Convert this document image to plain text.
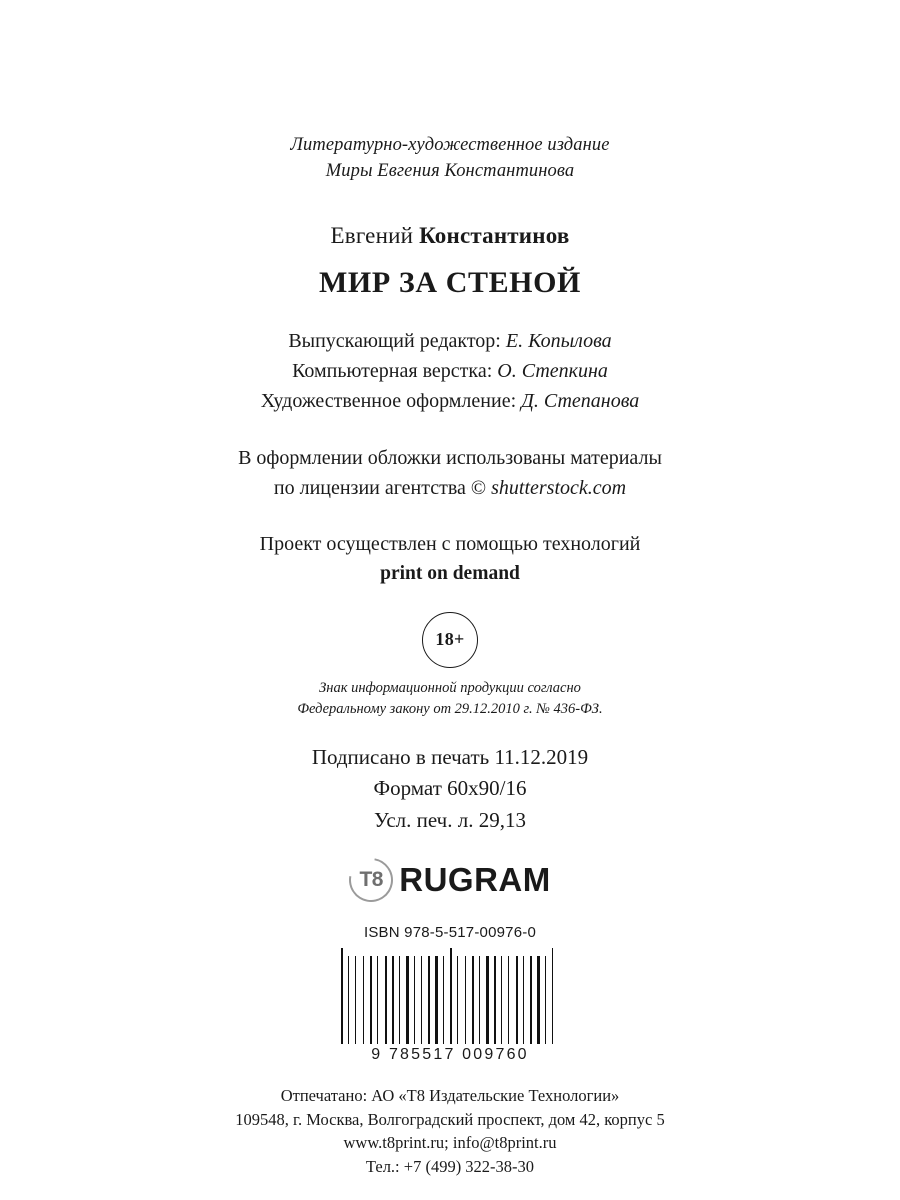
Литературно-художественное издание
Миры Евгения Константинова
Евгений Константинов
МИР ЗА СТЕНОЙ
Выпускающий редактор: Е. Копылова
Компьютерная верстка: О. Степкина
Художественное оформление: Д. Степанова
В оформлении обложки использованы материалы
по лицензии агентства © shutterstock.com
Проект осуществлен с помощью технологий
print on demand
18+
Знак информационной продукции согласно
Федеральному закону от 29.12.2010 г. № 436-ФЗ.
Подписано в печать 11.12.2019
Формат 60x90/16
Усл. печ. л. 29,13
T8 RUGRAM
ISBN 978-5-517-00976-0
9 785517 009760
Отпечатано: АО «Т8 Издательские Технологии»
109548, г. Москва, Волгоградский проспект, дом 42, корпус 5
www.t8print.ru; info@t8print.ru
Тел.: +7 (499) 322-38-30
